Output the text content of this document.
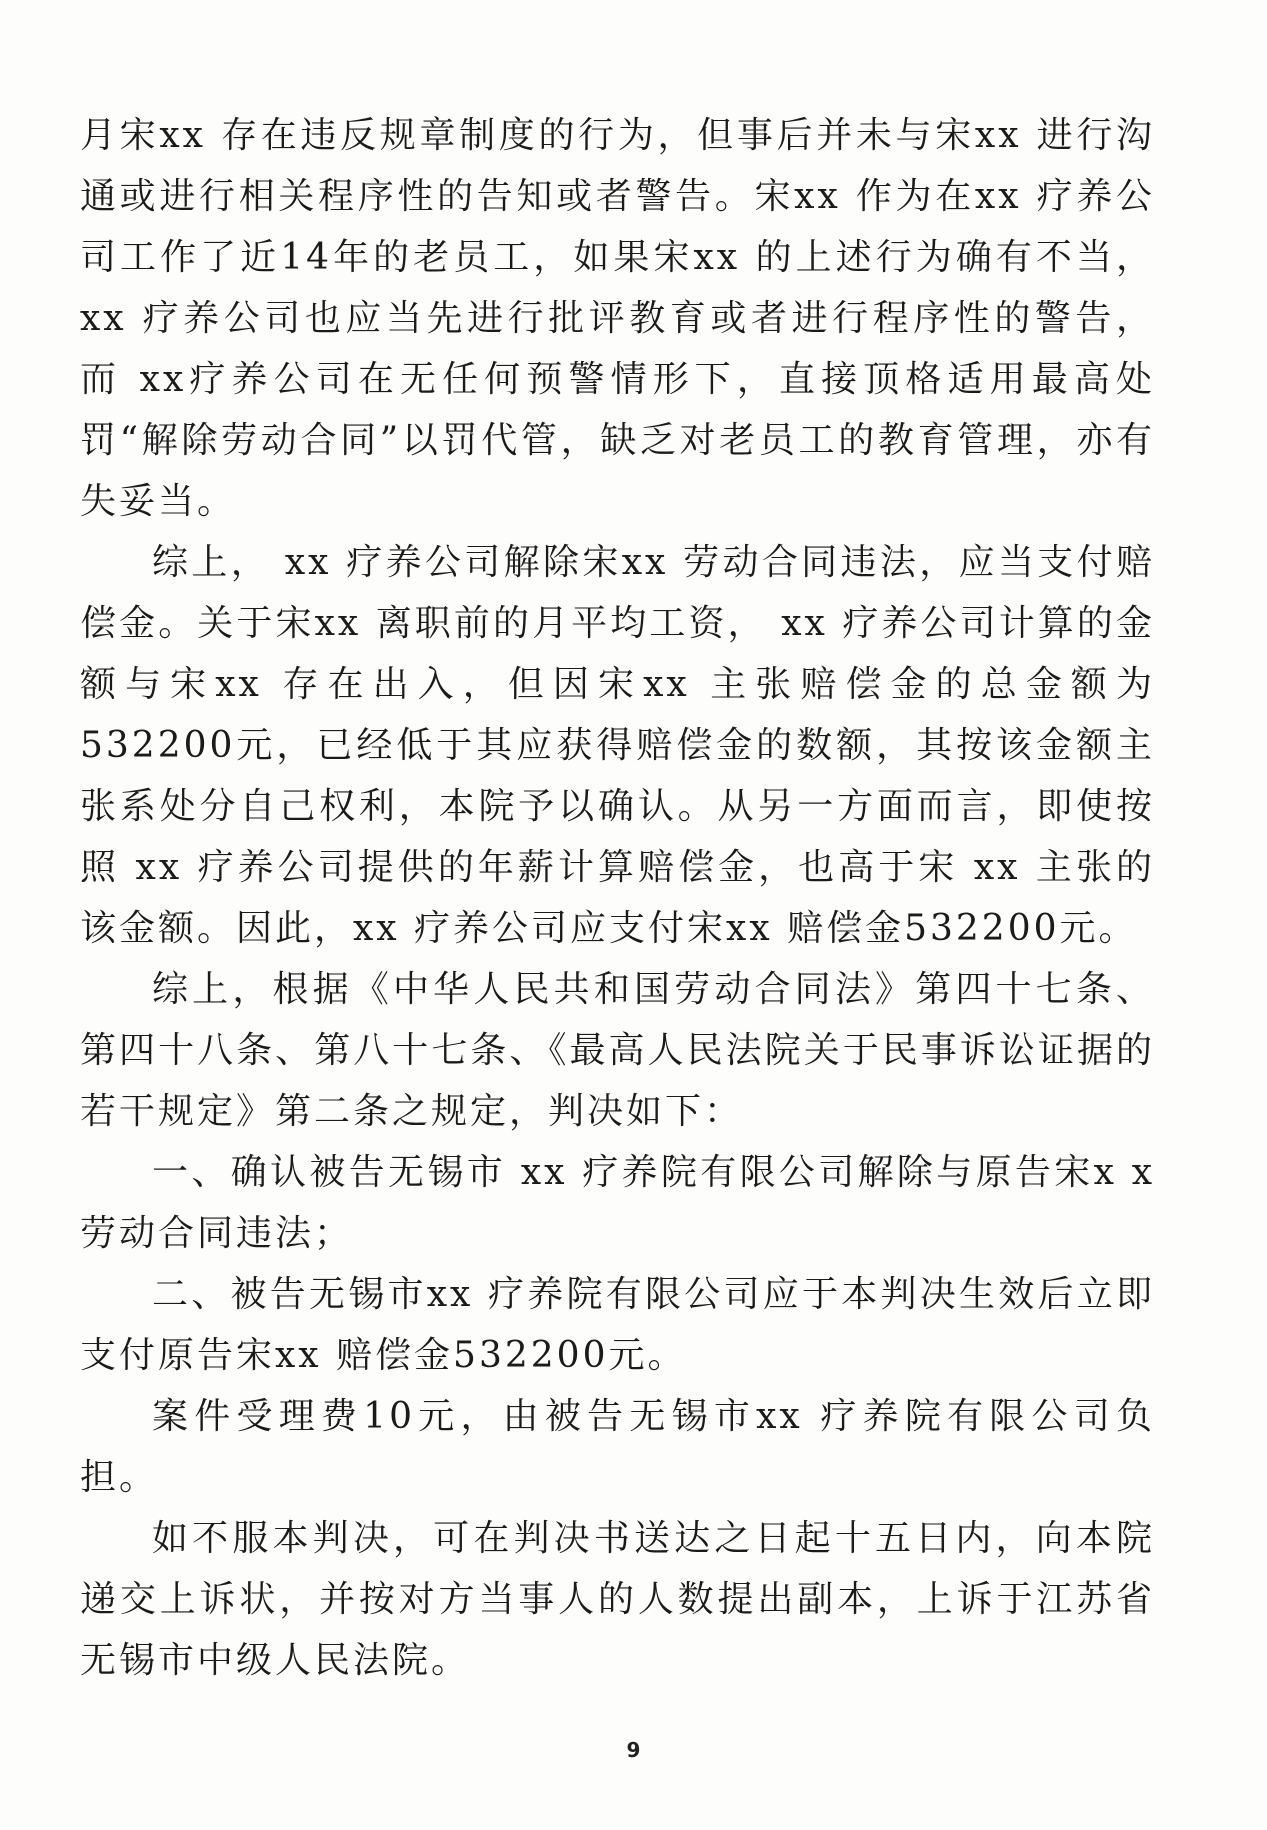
月宋xx 存在违反规章制度的行为，但事后并未与宋xx 进行沟通或进行相关程序性的告知或者警告。宋xx 作为在xx 疗养公司工作了近14年的老员工，如果宋xx 的上述行为确有不当，xx 疗养公司也应当先进行批评教育或者进行程序性的警告，而 xx疗养公司在无任何预警情形下，直接顶格适用最高处罚“解除劳动合同”以罚代管，缺乏对老员工的教育管理，亦有失妥当。

综上， xx 疗养公司解除宋xx 劳动合同违法，应当支付赔偿金。关于宋xx 离职前的月平均工资， xx 疗养公司计算的金额与宋xx 存在出入，但因宋xx 主张赔偿金的总金额为532200元，已经低于其应获得赔偿金的数额，其按该金额主张系处分自己权利，本院予以确认。从另一方面而言，即使按照 xx 疗养公司提供的年薪计算赔偿金，也高于宋 xx 主张的该金额。因此，xx 疗养公司应支付宋xx 赔偿金532200元。

综上，根据《中华人民共和国劳动合同法》第四十七条、第四十八条、第八十七条、《最高人民法院关于民事诉讼证据的若干规定》第二条之规定，判决如下：

一、确认被告无锡市 xx 疗养院有限公司解除与原告宋x x劳动合同违法；

二、被告无锡市xx 疗养院有限公司应于本判决生效后立即支付原告宋xx 赔偿金532200元。

案件受理费10元，由被告无锡市xx 疗养院有限公司负担。

如不服本判决，可在判决书送达之日起十五日内，向本院递交上诉状，并按对方当事人的人数提出副本，上诉于江苏省无锡市中级人民法院。

9
